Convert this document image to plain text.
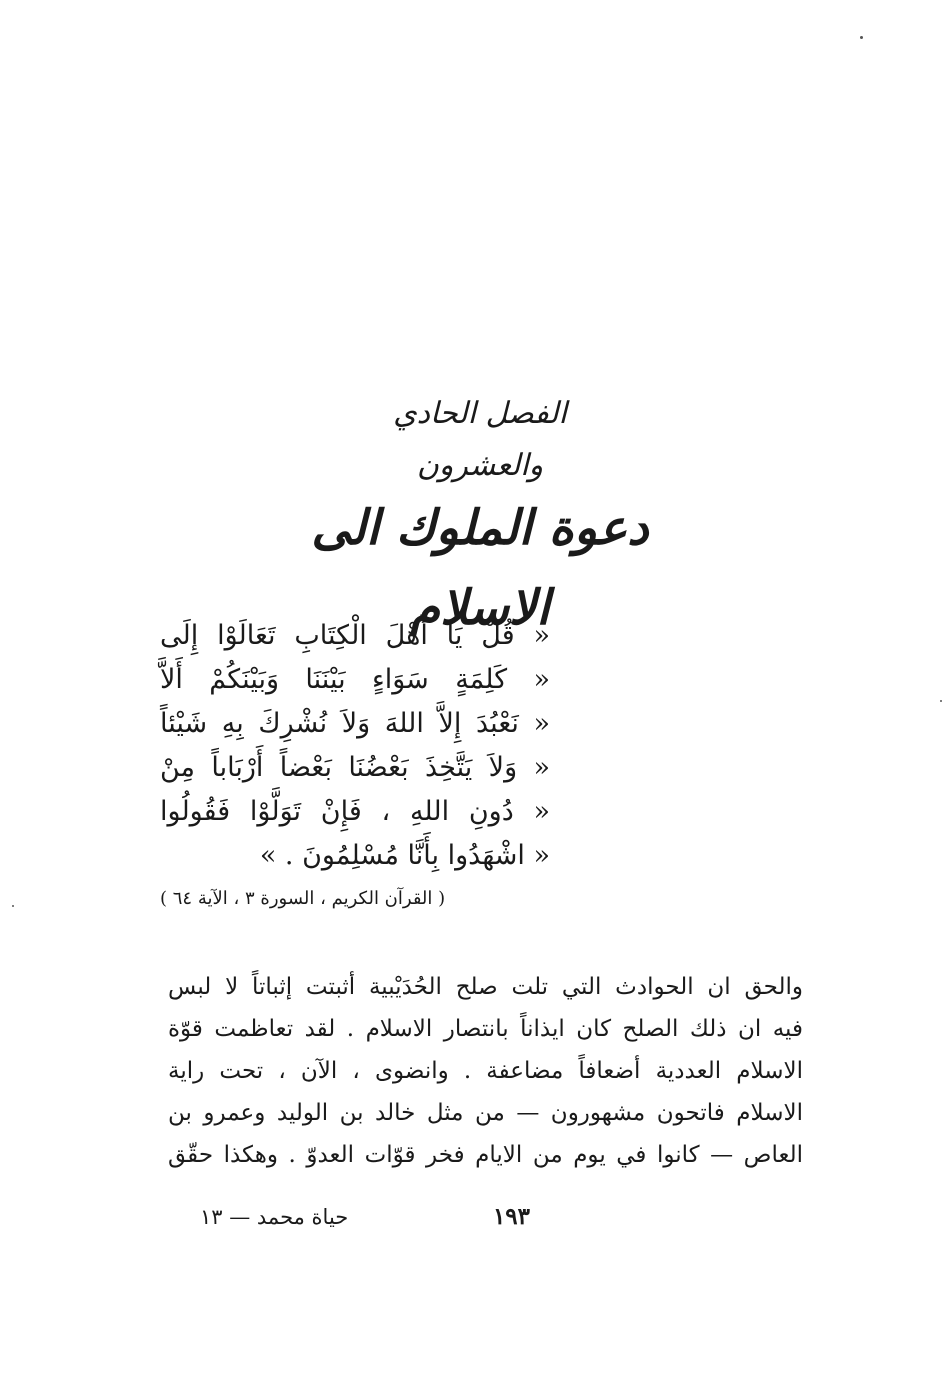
الفصل الحادي والعشرون
دعوة الملوك الى الاسلام
« قُلْ يَا أَهْلَ الْكِتَابِ تَعَالَوْا إِلَى
« كَلِمَةٍ سَوَاءٍ بَيْنَنَا وَبَيْنَكُمْ أَلاَّ
« نَعْبُدَ إِلاَّ اللهَ وَلاَ نُشْرِكَ بِهِ شَيْئاً
« وَلاَ يَتَّخِذَ بَعْضُنَا بَعْضاً أَرْبَاباً مِنْ
« دُونِ اللهِ ، فَإِنْ تَوَلَّوْا فَقُولُوا
« اشْهَدُوا بِأَنَّا مُسْلِمُونَ . »
( القرآن الكريم ، السورة ٣ ، الآية ٦٤ )
والحق ان الحوادث التي تلت صلح الحُدَيْبية أثبتت إثباتاً لا لبس
فيه ان ذلك الصلح كان ايذاناً بانتصار الاسلام . لقد تعاظمت قوّة
الاسلام العددية أضعافاً مضاعفة . وانضوى ، الآن ، تحت راية
الاسلام فاتحون مشهورون — من مثل خالد بن الوليد وعمرو بن
العاص — كانوا في يوم من الايام فخر قوّات العدوّ . وهكذا حقّق
١٩٣
حياة محمد — ١٣
